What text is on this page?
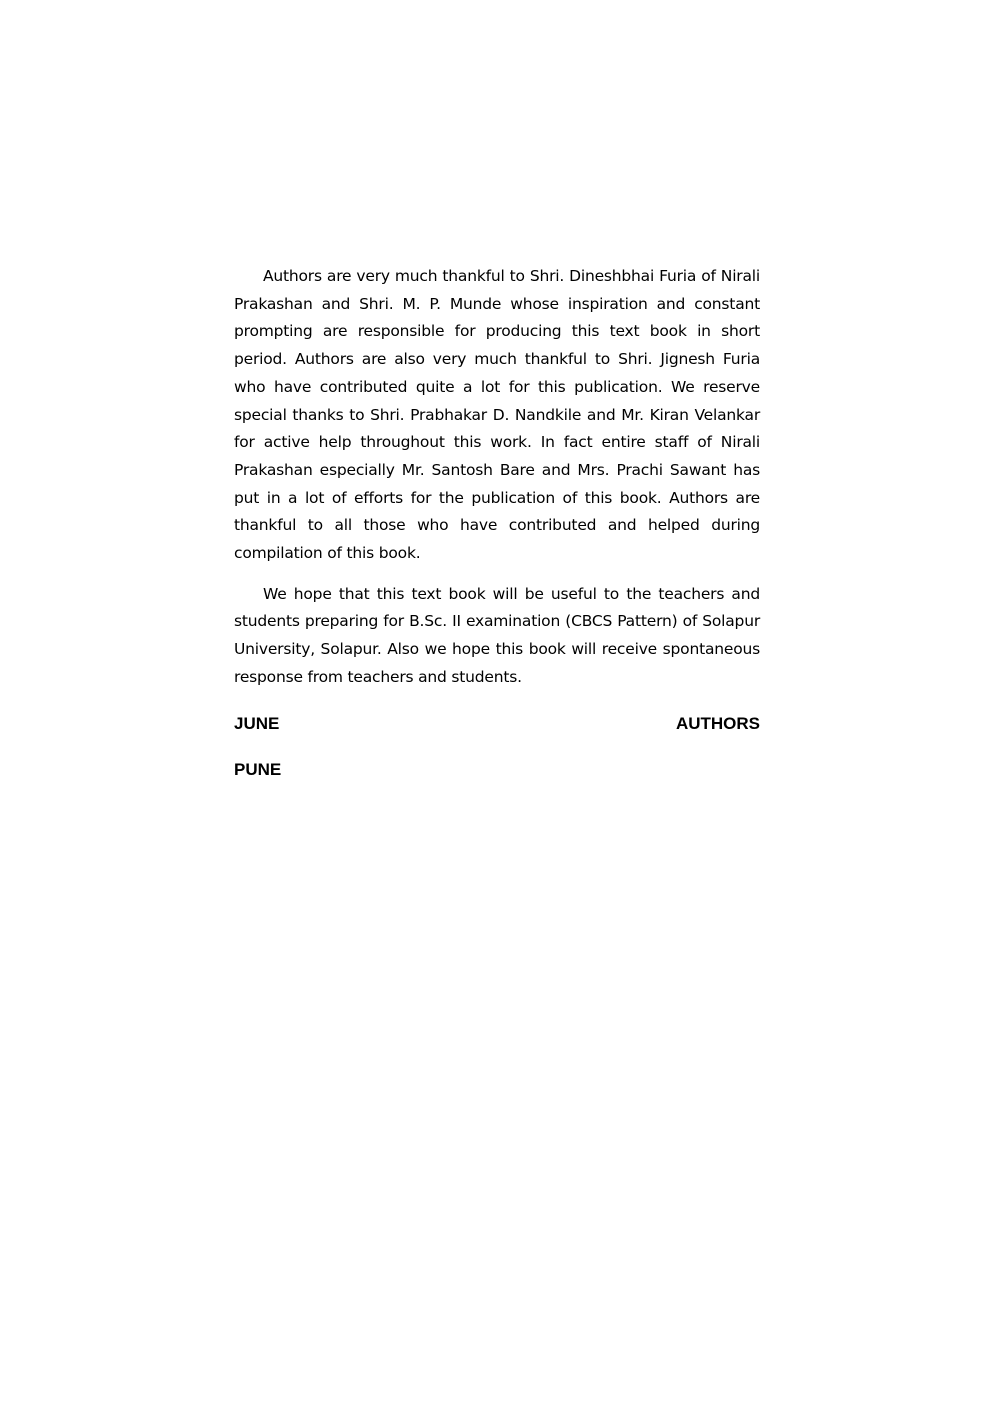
Authors are very much thankful to Shri. Dineshbhai Furia of Nirali Prakashan and Shri. M. P. Munde whose inspiration and constant prompting are responsible for producing this text book in short period. Authors are also very much thankful to Shri. Jignesh Furia who have contributed quite a lot for this publication. We reserve special thanks to Shri. Prabhakar D. Nandkile and Mr. Kiran Velankar for active help throughout this work. In fact entire staff of Nirali Prakashan especially Mr. Santosh Bare and Mrs. Prachi Sawant has put in a lot of efforts for the publication of this book. Authors are thankful to all those who have contributed and helped during compilation of this book.

We hope that this text book will be useful to the teachers and students preparing for B.Sc. II examination (CBCS Pattern) of Solapur University, Solapur. Also we hope this book will receive spontaneous response from teachers and students.

JUNE	AUTHORS
PUNE
